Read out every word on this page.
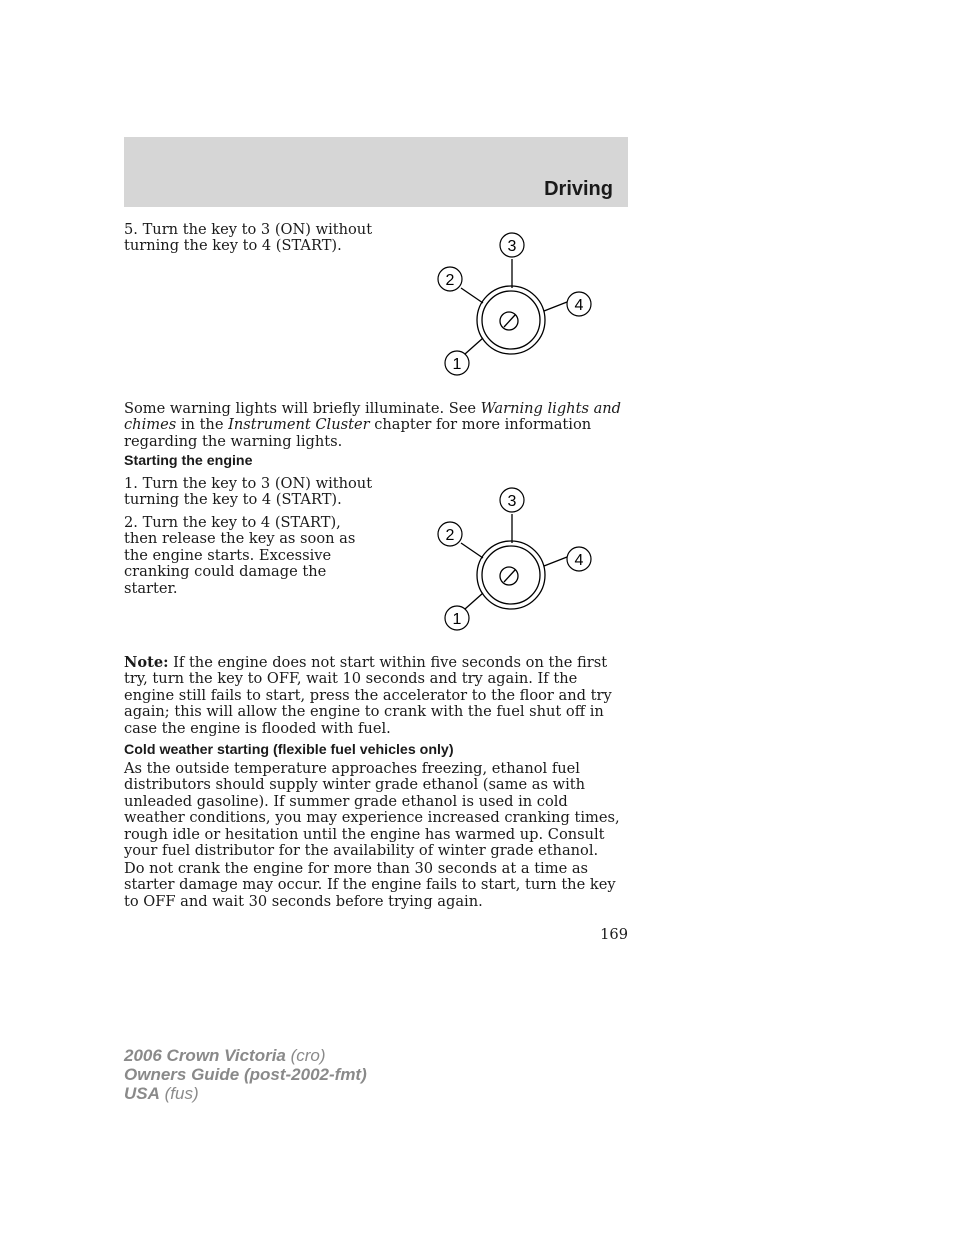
Driving

5. Turn the key to 3 (ON) without turning the key to 4 (START).	3
2
4
1

Some warning lights will briefly illuminate. See Warning lights and chimes in the Instrument Cluster chapter for more information regarding the warning lights.

Starting the engine

1. Turn the key to 3 (ON) without turning the key to 4 (START).

2. Turn the key to 4 (START), then release the key as soon as the engine starts. Excessive cranking could damage the starter.

3
2
4
1

Note: If the engine does not start within five seconds on the first try, turn the key to OFF, wait 10 seconds and try again. If the engine still fails to start, press the accelerator to the floor and try again; this will allow the engine to crank with the fuel shut off in case the engine is flooded with fuel.

Cold weather starting (flexible fuel vehicles only)

As the outside temperature approaches freezing, ethanol fuel distributors should supply winter grade ethanol (same as with unleaded gasoline). If summer grade ethanol is used in cold weather conditions, you may experience increased cranking times, rough idle or hesitation until the engine has warmed up. Consult your fuel distributor for the availability of winter grade ethanol.

Do not crank the engine for more than 30 seconds at a time as starter damage may occur. If the engine fails to start, turn the key to OFF and wait 30 seconds before trying again.

169
2006 Crown Victoria (cro)
Owners Guide (post-2002-fmt)
USA (fus)
